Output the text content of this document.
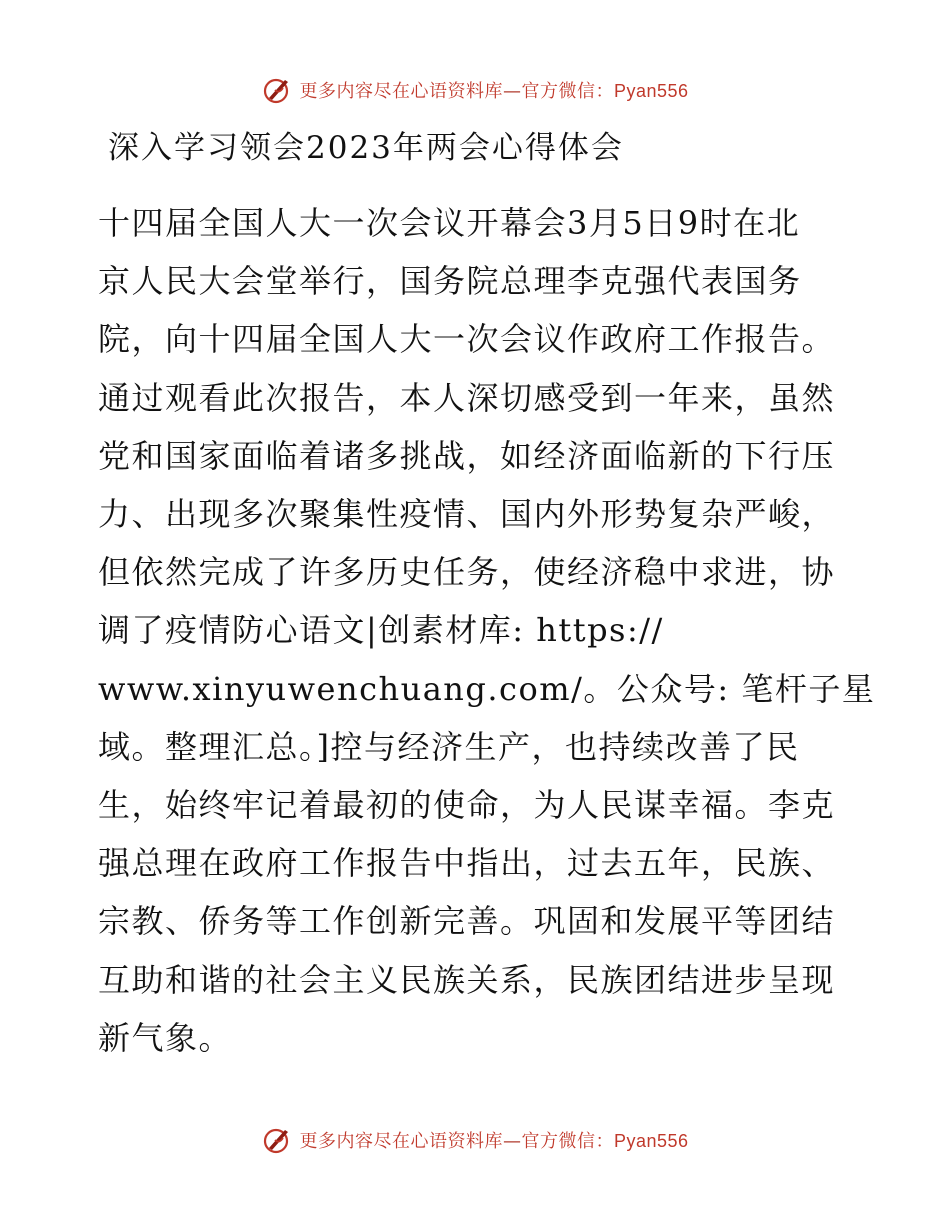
更多内容尽在心语资料库—官方微信：Pyan556
深入学习领会2023年两会心得体会
十四届全国人大一次会议开幕会3月5日9时在北
京人民大会堂举行，国务院总理李克强代表国务
院，向十四届全国人大一次会议作政府工作报告。
通过观看此次报告，本人深切感受到一年来，虽然
党和国家面临着诸多挑战，如经济面临新的下行压
力、出现多次聚集性疫情、国内外形势复杂严峻，
但依然完成了许多历史任务，使经济稳中求进，协
调了疫情防心语文|创素材库: https://
www.xinyuwenchuang.com/。公众号: 笔杆子星
域。整理汇总。]控与经济生产，也持续改善了民
生，始终牢记着最初的使命，为人民谋幸福。李克
强总理在政府工作报告中指出，过去五年，民族、
宗教、侨务等工作创新完善。巩固和发展平等团结
互助和谐的社会主义民族关系，民族团结进步呈现
新气象。
更多内容尽在心语资料库—官方微信：Pyan556
